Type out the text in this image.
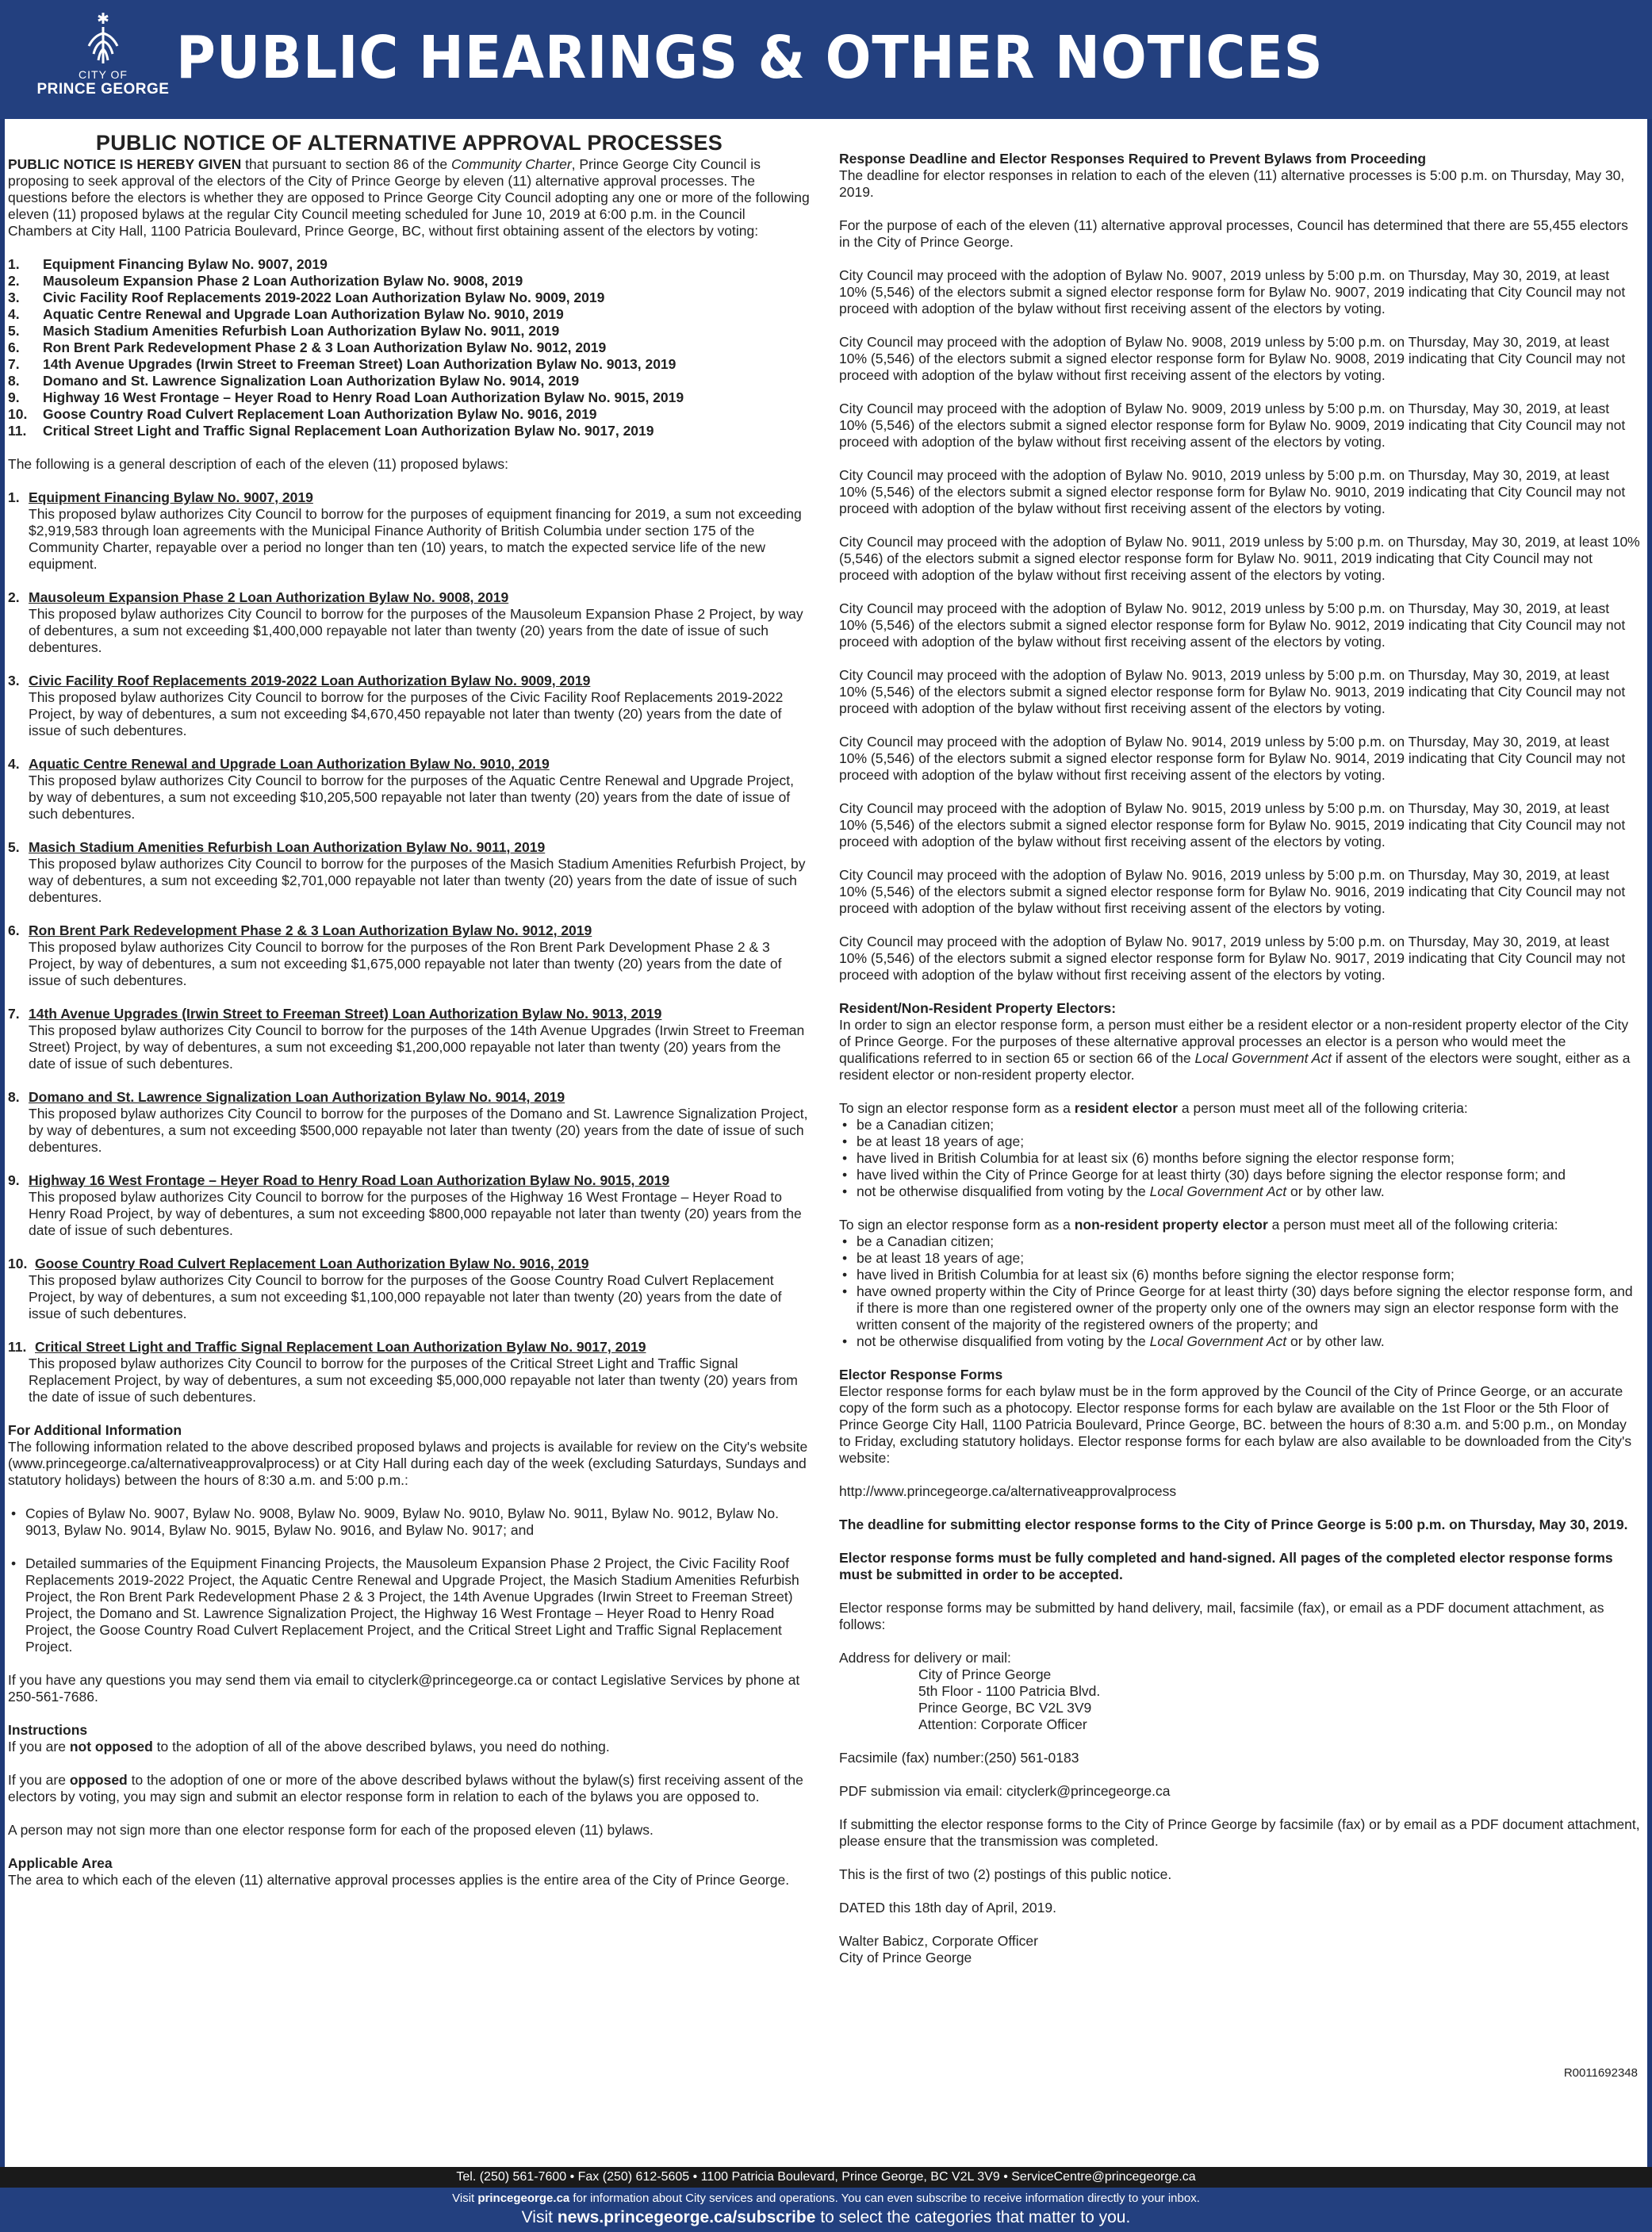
CITY OF
PRINCE GEORGE PUBLIC HEARINGS & OTHER NOTICES
PUBLIC NOTICE OF ALTERNATIVE APPROVAL PROCESSES

PUBLIC NOTICE IS HEREBY GIVEN that pursuant to section 86 of the Community Charter, Prince George City Council is proposing to seek approval of the electors of the City of Prince George by eleven (11) alternative approval processes. The questions before the electors is whether they are opposed to Prince George City Council adopting any one or more of the following eleven (11) proposed bylaws at the regular City Council meeting scheduled for June 10, 2019 at 6:00 p.m. in the Council Chambers at City Hall, 1100 Patricia Boulevard, Prince George, BC, without first obtaining assent of the electors by voting:

1.	Equipment Financing Bylaw No. 9007, 2019
2.	Mausoleum Expansion Phase 2 Loan Authorization Bylaw No. 9008, 2019
3.	Civic Facility Roof Replacements 2019-2022 Loan Authorization Bylaw No. 9009, 2019
4.	Aquatic Centre Renewal and Upgrade Loan Authorization Bylaw No. 9010, 2019
5.	Masich Stadium Amenities Refurbish Loan Authorization Bylaw No. 9011, 2019
6.	Ron Brent Park Redevelopment Phase 2 & 3 Loan Authorization Bylaw No. 9012, 2019
7.	14th Avenue Upgrades (Irwin Street to Freeman Street) Loan Authorization Bylaw No. 9013, 2019
8.	Domano and St. Lawrence Signalization Loan Authorization Bylaw No. 9014, 2019
9.	Highway 16 West Frontage – Heyer Road to Henry Road Loan Authorization Bylaw No. 9015, 2019
10.	Goose Country Road Culvert Replacement Loan Authorization Bylaw No. 9016, 2019
11.	Critical Street Light and Traffic Signal Replacement Loan Authorization Bylaw No. 9017, 2019

The following is a general description of each of the eleven (11) proposed bylaws:

1. Equipment Financing Bylaw No. 9007, 2019
This proposed bylaw authorizes City Council to borrow for the purposes of equipment financing for 2019, a sum not exceeding $2,919,583 through loan agreements with the Municipal Finance Authority of British Columbia under section 175 of the Community Charter, repayable over a period no longer than ten (10) years, to match the expected service life of the new equipment.
2. Mausoleum Expansion Phase 2 Loan Authorization Bylaw No. 9008, 2019
This proposed bylaw authorizes City Council to borrow for the purposes of the Mausoleum Expansion Phase 2 Project, by way of debentures, a sum not exceeding $1,400,000 repayable not later than twenty (20) years from the date of issue of such debentures.
3. Civic Facility Roof Replacements 2019-2022 Loan Authorization Bylaw No. 9009, 2019
This proposed bylaw authorizes City Council to borrow for the purposes of the Civic Facility Roof Replacements 2019-2022 Project, by way of debentures, a sum not exceeding $4,670,450 repayable not later than twenty (20) years from the date of issue of such debentures.
4. Aquatic Centre Renewal and Upgrade Loan Authorization Bylaw No. 9010, 2019
This proposed bylaw authorizes City Council to borrow for the purposes of the Aquatic Centre Renewal and Upgrade Project, by way of debentures, a sum not exceeding $10,205,500 repayable not later than twenty (20) years from the date of issue of such debentures.
5. Masich Stadium Amenities Refurbish Loan Authorization Bylaw No. 9011, 2019
This proposed bylaw authorizes City Council to borrow for the purposes of the Masich Stadium Amenities Refurbish Project, by way of debentures, a sum not exceeding $2,701,000 repayable not later than twenty (20) years from the date of issue of such debentures.
6. Ron Brent Park Redevelopment Phase 2 & 3 Loan Authorization Bylaw No. 9012, 2019
This proposed bylaw authorizes City Council to borrow for the purposes of the Ron Brent Park Development Phase 2 & 3 Project, by way of debentures, a sum not exceeding $1,675,000 repayable not later than twenty (20) years from the date of issue of such debentures.
7. 14th Avenue Upgrades (Irwin Street to Freeman Street) Loan Authorization Bylaw No. 9013, 2019
This proposed bylaw authorizes City Council to borrow for the purposes of the 14th Avenue Upgrades (Irwin Street to Freeman Street) Project, by way of debentures, a sum not exceeding $1,200,000 repayable not later than twenty (20) years from the date of issue of such debentures.
8. Domano and St. Lawrence Signalization Loan Authorization Bylaw No. 9014, 2019
This proposed bylaw authorizes City Council to borrow for the purposes of the Domano and St. Lawrence Signalization Project, by way of debentures, a sum not exceeding $500,000 repayable not later than twenty (20) years from the date of issue of such debentures.
9. Highway 16 West Frontage – Heyer Road to Henry Road Loan Authorization Bylaw No. 9015, 2019
This proposed bylaw authorizes City Council to borrow for the purposes of the Highway 16 West Frontage – Heyer Road to Henry Road Project, by way of debentures, a sum not exceeding $800,000 repayable not later than twenty (20) years from the date of issue of such debentures.
10. Goose Country Road Culvert Replacement Loan Authorization Bylaw No. 9016, 2019
This proposed bylaw authorizes City Council to borrow for the purposes of the Goose Country Road Culvert Replacement Project, by way of debentures, a sum not exceeding $1,100,000 repayable not later than twenty (20) years from the date of issue of such debentures.
11. Critical Street Light and Traffic Signal Replacement Loan Authorization Bylaw No. 9017, 2019
This proposed bylaw authorizes City Council to borrow for the purposes of the Critical Street Light and Traffic Signal Replacement Project, by way of debentures, a sum not exceeding $5,000,000 repayable not later than twenty (20) years from the date of issue of such debentures.
For Additional Information

The following information related to the above described proposed bylaws and projects is available for review on the City's website (www.princegeorge.ca/alternativeapprovalprocess) or at City Hall during each day of the week (excluding Saturdays, Sundays and statutory holidays) between the hours of 8:30 a.m. and 5:00 p.m.:

• Copies of Bylaw No. 9007, Bylaw No. 9008, Bylaw No. 9009, Bylaw No. 9010, Bylaw No. 9011, Bylaw No. 9012, Bylaw No. 9013, Bylaw No. 9014, Bylaw No. 9015, Bylaw No. 9016, and Bylaw No. 9017; and
• Detailed summaries of the Equipment Financing Projects, the Mausoleum Expansion Phase 2 Project, the Civic Facility Roof Replacements 2019-2022 Project, the Aquatic Centre Renewal and Upgrade Project, the Masich Stadium Amenities Refurbish Project, the Ron Brent Park Redevelopment Phase 2 & 3 Project, the 14th Avenue Upgrades (Irwin Street to Freeman Street) Project, the Domano and St. Lawrence Signalization Project, the Highway 16 West Frontage – Heyer Road to Henry Road Project, the Goose Country Road Culvert Replacement Project, and the Critical Street Light and Traffic Signal Replacement Project.

If you have any questions you may send them via email to cityclerk@princegeorge.ca or contact Legislative Services by phone at 250-561-7686.

Instructions

If you are not opposed to the adoption of all of the above described bylaws, you need do nothing.

If you are opposed to the adoption of one or more of the above described bylaws without the bylaw(s) first receiving assent of the electors by voting, you may sign and submit an elector response form in relation to each of the bylaws you are opposed to.

A person may not sign more than one elector response form for each of the proposed eleven (11) bylaws.

Applicable Area

The area to which each of the eleven (11) alternative approval processes applies is the entire area of the City of Prince George.

Response Deadline and Elector Responses Required to Prevent Bylaws from Proceeding

The deadline for elector responses in relation to each of the eleven (11) alternative processes is 5:00 p.m. on Thursday, May 30, 2019.

For the purpose of each of the eleven (11) alternative approval processes, Council has determined that there are 55,455 electors in the City of Prince George.

City Council may proceed with the adoption of Bylaw No. 9007, 2019 unless by 5:00 p.m. on Thursday, May 30, 2019, at least 10% (5,546) of the electors submit a signed elector response form for Bylaw No. 9007, 2019 indicating that City Council may not proceed with adoption of the bylaw without first receiving assent of the electors by voting.

City Council may proceed with the adoption of Bylaw No. 9008, 2019 unless by 5:00 p.m. on Thursday, May 30, 2019, at least 10% (5,546) of the electors submit a signed elector response form for Bylaw No. 9008, 2019 indicating that City Council may not proceed with adoption of the bylaw without first receiving assent of the electors by voting.

City Council may proceed with the adoption of Bylaw No. 9009, 2019 unless by 5:00 p.m. on Thursday, May 30, 2019, at least 10% (5,546) of the electors submit a signed elector response form for Bylaw No. 9009, 2019 indicating that City Council may not proceed with adoption of the bylaw without first receiving assent of the electors by voting.

City Council may proceed with the adoption of Bylaw No. 9010, 2019 unless by 5:00 p.m. on Thursday, May 30, 2019, at least 10% (5,546) of the electors submit a signed elector response form for Bylaw No. 9010, 2019 indicating that City Council may not proceed with adoption of the bylaw without first receiving assent of the electors by voting.

City Council may proceed with the adoption of Bylaw No. 9011, 2019 unless by 5:00 p.m. on Thursday, May 30, 2019, at least 10% (5,546) of the electors submit a signed elector response form for Bylaw No. 9011, 2019 indicating that City Council may not proceed with adoption of the bylaw without first receiving assent of the electors by voting.

City Council may proceed with the adoption of Bylaw No. 9012, 2019 unless by 5:00 p.m. on Thursday, May 30, 2019, at least 10% (5,546) of the electors submit a signed elector response form for Bylaw No. 9012, 2019 indicating that City Council may not proceed with adoption of the bylaw without first receiving assent of the electors by voting.

City Council may proceed with the adoption of Bylaw No. 9013, 2019 unless by 5:00 p.m. on Thursday, May 30, 2019, at least 10% (5,546) of the electors submit a signed elector response form for Bylaw No. 9013, 2019 indicating that City Council may not proceed with adoption of the bylaw without first receiving assent of the electors by voting.

City Council may proceed with the adoption of Bylaw No. 9014, 2019 unless by 5:00 p.m. on Thursday, May 30, 2019, at least 10% (5,546) of the electors submit a signed elector response form for Bylaw No. 9014, 2019 indicating that City Council may not proceed with adoption of the bylaw without first receiving assent of the electors by voting.

City Council may proceed with the adoption of Bylaw No. 9015, 2019 unless by 5:00 p.m. on Thursday, May 30, 2019, at least 10% (5,546) of the electors submit a signed elector response form for Bylaw No. 9015, 2019 indicating that City Council may not proceed with adoption of the bylaw without first receiving assent of the electors by voting.

City Council may proceed with the adoption of Bylaw No. 9016, 2019 unless by 5:00 p.m. on Thursday, May 30, 2019, at least 10% (5,546) of the electors submit a signed elector response form for Bylaw No. 9016, 2019 indicating that City Council may not proceed with adoption of the bylaw without first receiving assent of the electors by voting.

City Council may proceed with the adoption of Bylaw No. 9017, 2019 unless by 5:00 p.m. on Thursday, May 30, 2019, at least 10% (5,546) of the electors submit a signed elector response form for Bylaw No. 9017, 2019 indicating that City Council may not proceed with adoption of the bylaw without first receiving assent of the electors by voting.

Resident/Non-Resident Property Electors:

In order to sign an elector response form, a person must either be a resident elector or a non-resident property elector of the City of Prince George. For the purposes of these alternative approval processes an elector is a person who would meet the qualifications referred to in section 65 or section 66 of the Local Government Act if assent of the electors were sought, either as a resident elector or non-resident property elector.

To sign an elector response form as a resident elector a person must meet all of the following criteria:
• be a Canadian citizen;
• be at least 18 years of age;
• have lived in British Columbia for at least six (6) months before signing the elector response form;
• have lived within the City of Prince George for at least thirty (30) days before signing the elector response form; and
• not be otherwise disqualified from voting by the Local Government Act or by other law.
To sign an elector response form as a non-resident property elector a person must meet all of the following criteria:
• be a Canadian citizen;
• be at least 18 years of age;
• have lived in British Columbia for at least six (6) months before signing the elector response form;
• have owned property within the City of Prince George for at least thirty (30) days before signing the elector response form, and if there is more than one registered owner of the property only one of the owners may sign an elector response form with the written consent of the majority of the registered owners of the property; and
• not be otherwise disqualified from voting by the Local Government Act or by other law.
Elector Response Forms

Elector response forms for each bylaw must be in the form approved by the Council of the City of Prince George, or an accurate copy of the form such as a photocopy. Elector response forms for each bylaw are available on the 1st Floor or the 5th Floor of Prince George City Hall, 1100 Patricia Boulevard, Prince George, BC. between the hours of 8:30 a.m. and 5:00 p.m., on Monday to Friday, excluding statutory holidays. Elector response forms for each bylaw are also available to be downloaded from the City's website:

http://www.princegeorge.ca/alternativeapprovalprocess

The deadline for submitting elector response forms to the City of Prince George is 5:00 p.m. on Thursday, May 30, 2019.

Elector response forms must be fully completed and hand-signed. All pages of the completed elector response forms must be submitted in order to be accepted.

Elector response forms may be submitted by hand delivery, mail, facsimile (fax), or email as a PDF document attachment, as follows:

Address for delivery or mail:
City of Prince George
5th Floor - 1100 Patricia Blvd.
Prince George, BC V2L 3V9
Attention: Corporate Officer

Facsimile (fax) number:(250) 561-0183

PDF submission via email: cityclerk@princegeorge.ca

If submitting the elector response forms to the City of Prince George by facsimile (fax) or by email as a PDF document attachment, please ensure that the transmission was completed.

This is the first of two (2) postings of this public notice.

DATED this 18th day of April, 2019.

Walter Babicz, Corporate Officer
City of Prince George
R0011692348
Tel. (250) 561-7600 • Fax (250) 612-5605 • 1100 Patricia Boulevard, Prince George, BC V2L 3V9 • ServiceCentre@princegeorge.ca
Visit princegeorge.ca for information about City services and operations. You can even subscribe to receive information directly to your inbox.
Visit news.princegeorge.ca/subscribe to select the categories that matter to you.
